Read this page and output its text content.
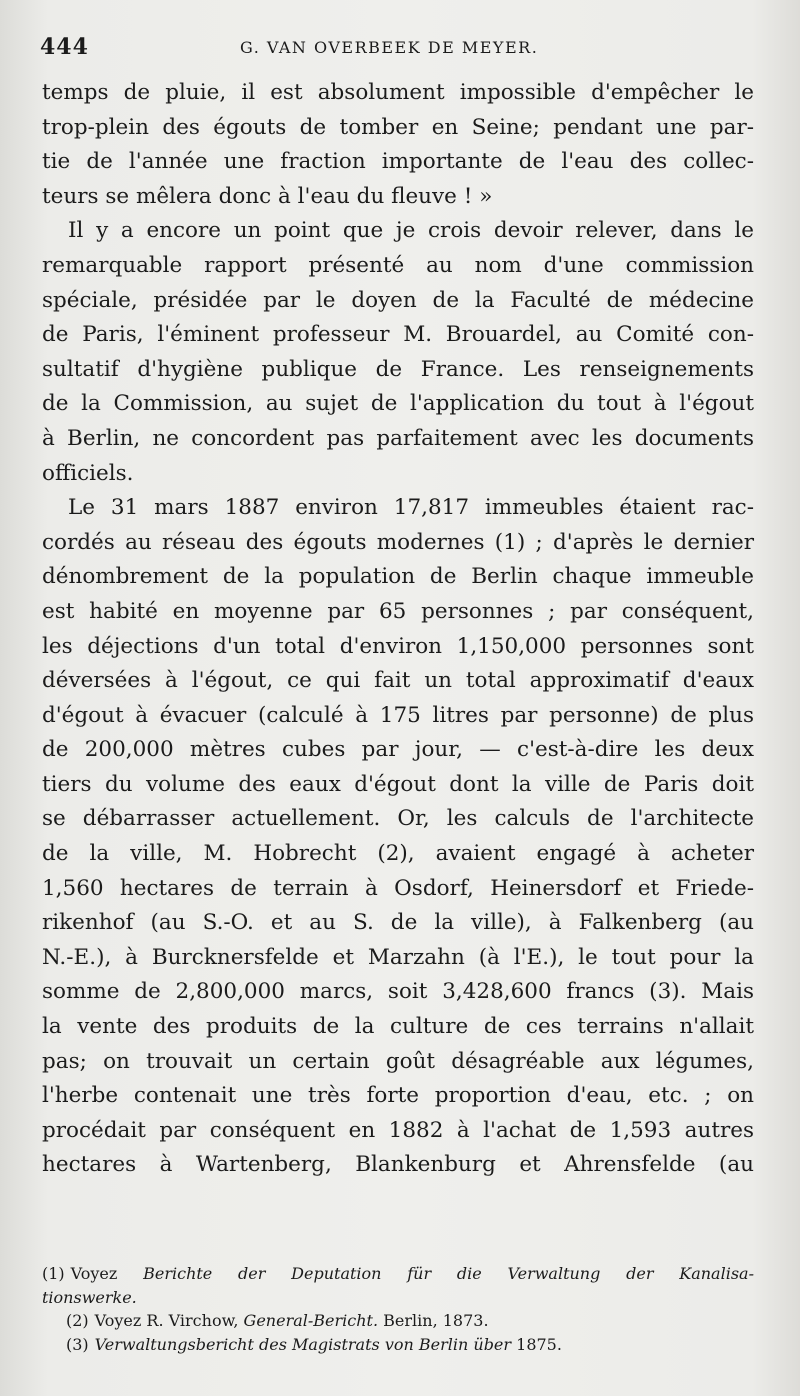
444	G. VAN OVERBEEK DE MEYER.
temps de pluie, il est absolument impossible d'empêcher le
trop-plein des égouts de tomber en Seine; pendant une par-
tie de l'année une fraction importante de l'eau des collec-
teurs se mêlera donc à l'eau du fleuve ! »
Il y a encore un point que je crois devoir relever, dans le
remarquable rapport présenté au nom d'une commission
spéciale, présidée par le doyen de la Faculté de médecine
de Paris, l'éminent professeur M. Brouardel, au Comité con-
sultatif d'hygiène publique de France. Les renseignements
de la Commission, au sujet de l'application du tout à l'égout
à Berlin, ne concordent pas parfaitement avec les documents
officiels.
Le 31 mars 1887 environ 17,817 immeubles étaient rac-
cordés au réseau des égouts modernes (1) ; d'après le dernier
dénombrement de la population de Berlin chaque immeuble
est habité en moyenne par 65 personnes ; par conséquent,
les déjections d'un total d'environ 1,150,000 personnes sont
déversées à l'égout, ce qui fait un total approximatif d'eaux
d'égout à évacuer (calculé à 175 litres par personne) de plus
de 200,000 mètres cubes par jour, — c'est-à-dire les deux
tiers du volume des eaux d'égout dont la ville de Paris doit
se débarrasser actuellement. Or, les calculs de l'architecte
de la ville, M. Hobrecht (2), avaient engagé à acheter
1,560 hectares de terrain à Osdorf, Heinersdorf et Friede-
rikenhof (au S.-O. et au S. de la ville), à Falkenberg (au
N.-E.), à Burcknersfelde et Marzahn (à l'E.), le tout pour la
somme de 2,800,000 marcs, soit 3,428,600 francs (3). Mais
la vente des produits de la culture de ces terrains n'allait
pas; on trouvait un certain goût désagréable aux légumes,
l'herbe contenait une très forte proportion d'eau, etc. ; on
procédait par conséquent en 1882 à l'achat de 1,593 autres
hectares à Wartenberg, Blankenburg et Ahrensfelde (au
(1) Voyez Berichte der Deputation für die Verwaltung der Kanalisa-
tionswerke.
(2) Voyez R. Virchow, General-Bericht. Berlin, 1873.
(3) Verwaltungsbericht des Magistrats von Berlin über 1875.
